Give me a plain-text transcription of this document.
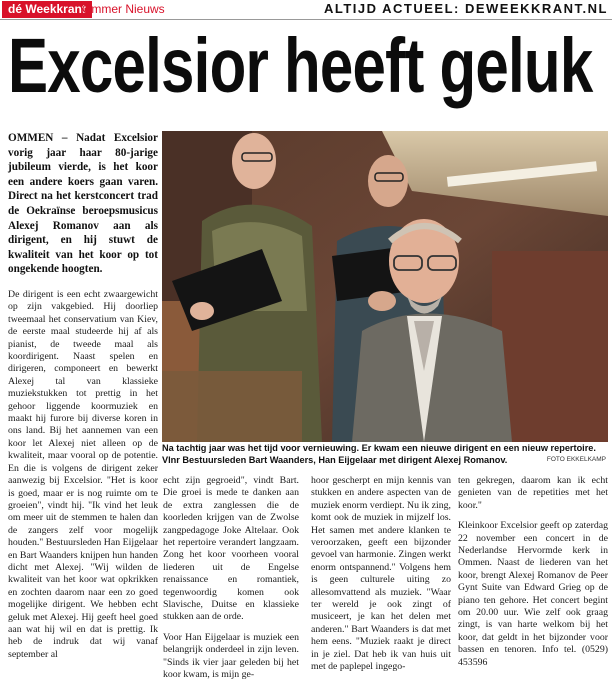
dé Weekkrant
Ommer Nieuws	ALTIJD ACTUEEL: DEWEEKKRANT.NL
Excelsior heeft geluk
OMMEN – Nadat Excelsior vorig jaar haar 80-jarige jubileum vierde, is het koor een andere koers gaan varen. Direct na het kerstconcert trad de Oekraïnse beroepsmusicus Alexej Romanov aan als dirigent, en hij stuwt de kwaliteit van het koor op tot ongekende hoogten.

De dirigent is een echt zwaargewicht op zijn vakgebied. Hij doorliep tweemaal het conservatium van Kiev, de eerste maal studeerde hij af als pianist, de tweede maal als koordirigent. Naast spelen en dirigeren, componeert en bewerkt Alexej tal van klassieke muziekstukken tot prettig in het gehoor liggende koormuziek en maakt hij furore bij diverse koren in ons land. Bij het aannemen van een koor let Alexej niet alleen op de kwaliteit, maar vooral op de potentie. En die is volgens de dirigent zeker aanwezig bij Excelsior. "Het is koor is goed, maar er is nog ruimte om te groeien", vindt hij. "Ik vind het leuk om meer uit de stemmen te halen dan de zangers zelf voor mogelijk houden." Bestuursleden Han Eijgelaar en Bart Waanders knijpen hun handen dicht met Alexej. "Wij wilden de kwaliteit van het koor wat opkrikken en zochten daarom naar een zo goed mogelijke dirigent. We hebben echt geluk met Alexej. Hij geeft heel goed aan wat hij wil en dat is prettig. Ik heb de indruk dat wij vanaf september al

Na tachtig jaar was het tijd voor vernieuwing. Er kwam een nieuwe dirigent en een nieuw repertoire. Vlnr Bestuursleden Bart Waanders, Han Eijgelaar met dirigent Alexej Romanov.	FOTO EKKELKAMP

echt zijn gegroeid", vindt Bart. Die groei is mede te danken aan de extra zanglessen die de koorleden krijgen van de Zwolse zangpedagoge Joke Altelaar. Ook het repertoire verandert langzaam. Zong het koor voorheen vooral liederen uit de Engelse renaissance en romantiek, tegenwoordig komen ook Slavische, Duitse en klassieke stukken aan de orde.

Voor Han Eijgelaar is muziek een belangrijk onderdeel in zijn leven. "Sinds ik vier jaar geleden bij het koor kwam, is mijn ge-

hoor gescherpt en mijn kennis van stukken en andere aspecten van de muziek enorm verdiept. Nu ik zing, komt ook de muziek in mijzelf los. Het samen met andere klanken te veroorzaken, geeft een bijzonder gevoel van harmonie. Zingen werkt enorm ontspannend." Volgens hem is geen culturele uiting zo allesomvattend als muziek. "Waar ter wereld je ook zingt of musiceert, je kan het delen met anderen." Bart Waanders is dat met hem eens. "Muziek raakt je direct in je ziel. Dat heb ik van huis uit met de paplepel ingego-

ten gekregen, daarom kan ik echt genieten van de repetities met het koor."

Kleinkoor Excelsior geeft op zaterdag 22 november een concert in de Nederlandse Hervormde kerk in Ommen. Naast de liederen van het koor, brengt Alexej Romanov de Peer Gynt Suite van Edward Grieg op de piano ten gehore. Het concert begint om 20.00 uur. Wie zelf ook graag zingt, is van harte welkom bij het koor, dat geldt in het bijzonder voor bassen en tenoren. Info tel. (0529) 453596
